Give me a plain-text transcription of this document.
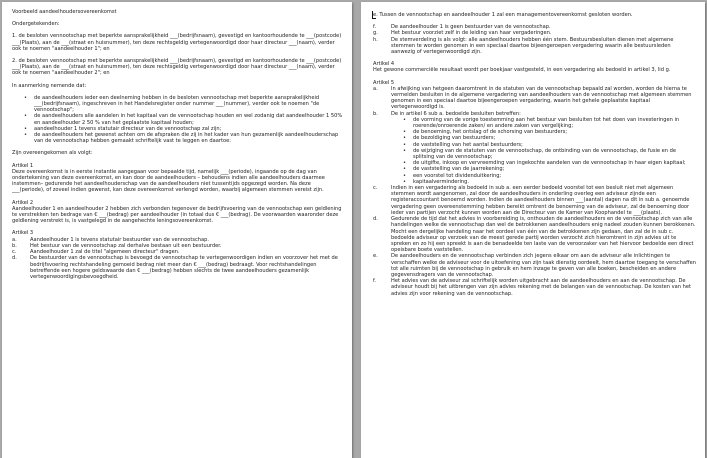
Voorbeeld aandeelhoudersovereenkomst
Ondergetekenden:
1. de besloten vennootschap met beperkte aansprakelijkheid ___(bedrijfsnaam), gevestigd en kantoorhoudende te ___(postcode) ___(Plaats), aan de ___(straat en huisnummer), ten deze rechtsgeldig vertegenwoordigd door haar directeur ___(naam), verder ook te noemen "aandeelhouder 1"; en
2. de besloten vennootschap met beperkte aansprakelijkheid ___(bedrijfsnaam), gevestigd en kantoorhoudende te ___(postcode) ___(Plaats), aan de ___(straat en huisnummer), ten deze rechtsgeldig vertegenwoordigd door haar directeur ___(naam), verder ook te noemen "aandeelhouder 2"; en
In aanmerking nemende dat:
• de aandeelhouders ieder een deelneming hebben in de besloten vennootschap met beperkte aansprakelijkheid ___(bedrijfsnaam), ingeschreven in het Handelsregister onder nummer ___(nummer), verder ook te noemen "de vennootschap";
• de aandeelhouders alle aandelen in het kapitaal van de vennootschap houden en wel zodanig dat aandeelhouder 1 50% en aandeelhouder 2 50 % van het geplaatste kapitaal houden;
• aandeelhouder 1 tevens statutair directeur van de vennootschap zal zijn;
• de aandeelhouders het gewenst achten om de afspraken die zij in het kader van hun gezamenlijk aandeelhouderschap van de vennootschap hebben gemaakt schriftelijk vast te leggen en daartoe:
Zijn overeengekomen als volgt:
Artikel 1
Deze overeenkomst is in eerste instantie aangegaan voor bepaalde tijd, namelijk ___(periode), ingaande op de dag van ondertekening van deze overeenkomst, en kan door de aandeelhouders – behoudens indien alle aandeelhouders daarmee instemmen– gedurende het aandeelhouderschap van de aandeelhouders niet tussentijds opgezegd worden. Na deze ___(periode), of zoveel indien gewenst, kan deze overeenkomst verlengd worden, waarbij algemeen stemmen vereist zijn.
Artikel 2
Aandeelhouder 1 en aandeelhouder 2 hebben zich verbonden tegenover de bedrijfsvoering van de vennootschap een geldlening te verstrekken ten bedrage van € ___(bedrag) per aandeelhouder (in totaal dus € ___(bedrag). De voorwaarden waaronder deze geldlening verstrekt is, is vastgelegd in de aangehechte leningsovereenkomst.
Artikel 3
a.	Aandeelhouder 1 is tevens statutair bestuurder van de vennootschap.
b.	Het bestuur van de vennootschap zal derhalve bestaan uit een bestuurder.
c.	Aandeelhouder 1 zal de titel "algemeen directeur" dragen.
d.	De bestuurder van de vennootschap is bevoegd de vennootschap te vertegenwoordigen indien en voorzover het met de bedrijfsvoering rechtshandeling gemoeid bedrag niet meer dan € ___(bedrag) bedraagt. Voor rechtshandelingen betreffende een hogere geldswaarde dan € ___(bedrag) hebben slechts de twee aandeelhouders gezamenlijk vertegenwoordigingsbevoegdheid.
e. Tussen de vennootschap en aandeelhouder 1 zal een managementovereenkomst gesloten worden.
f.	De aandeelhouder 1 is geen bestuurder van de vennootschap.
g.	Het bestuur voorziet zelf in de leiding van haar vergaderingen.
h.	De stemverdeling is als volgt: alle aandeelhouders hebben één stem. Bestuursbesluiten dienen met algemene stemmen te worden genomen in een speciaal daartoe bijeengeroepen vergadering waarin alle bestuursleden aanwezig of vertegenwoordigd zijn.
Artikel 4
Het gewone commerciële resultaat wordt per boekjaar vastgesteld, in een vergadering als bedoeld in artikel 3, lid g.
Artikel 5
a.	In afwijking van hetgeen daaromtrent in de statuten van de vennootschap bepaald zal worden, worden de hierna te vermelden besluiten in de algemene vergadering van aandeelhouders van de vennootschap met algemeen stemmen genomen in een speciaal daartoe bijeengeroepen vergadering, waarin het gehele geplaatste kapitaal vertegenwoordigd is.
b.	De in artikel 6 sub a. bedoelde besluiten betreffen:
• de vorming van de vorige toestemming aan het bestuur van besluiten tot het doen van investeringen in roerende/onroerende zaken/ en andere zaken van vergelijking;
• de benoeming, het ontslag of de schorsing van bestuurders;
• de bezoldiging van bestuurders;
• de vaststelling van het aantal bestuurders;
• de wijziging van de statuten van de vennootschap, de ontbinding van de vennootschap, de fusie en de splitsing van de vennootschap;
• de uitgifte, inkoop en vervreemding van ingekochte aandelen van de vennootschap in haar eigen kapitaal;
• de vaststelling van de jaarrekening;
• een voorstel tot dividenduitkering;
• kapitaalvermindering.
c.	Indien in een vergadering als bedoeld in sub a. een eerder bedoeld voorstel tot een besluit niet met algemeen stemmen wordt aangenomen, zal door de aandeelhouders in onderling overleg een adviseur zijnde een registeraccountant benoemd worden. Indien de aandeelhouders binnen ___(aantal) dagen na dit in sub a. genoemde vergadering geen overeenstemming hebben bereikt omtrent de benoeming van de adviseur, zal de benoeming door ieder van partijen verzocht kunnen worden aan de Directeur van de Kamer van Koophandel te ___(plaats).
d.	Gedurende de tijd dat het advies in voorbereiding is, onthouden de aandeelhouders en de vennootschap zich van alle handelingen welke de vennootschap dan wel de betrokkenen aandeelhouders enig nadeel zouden kunnen berokkenen. Mocht een dergelijke handeling naar het oordeel van één van de betrokkenen zijn gedaan, dan zal de in sub c. bedoelde adviseur op verzoek van de meest gerede partij worden verzocht zich hieromtrent in zijn advies uit te spreken en zo hij een spreekt is aan de benadeelde ten laste van de veroorzaker van het hiervoor bedoelde een direct opeisbare boete vaststellen.
e.	De aandeelhouders en de vennootschap verbinden zich jegens elkaar om aan de adviseur alle inlichtingen te verschaffen welke de adviseur voor de uitoefening van zijn taak dienstig oordeelt, hem daartoe toegang te verschaffen tot alle ruimten bij de vennootschap in gebruik en hem inzage te geven van alle boeken, bescheiden en andere gegevensdragers van de vennootschap.
f.	Het advies van de adviseur zal schriftelijk worden uitgebracht aan de aandeelhouders en aan de vennootschap. De adviseur houdt bij het uitbrengen van zijn advies rekening met de belangen van de vennootschap. De kosten van het advies zijn voor rekening van de vennootschap.
